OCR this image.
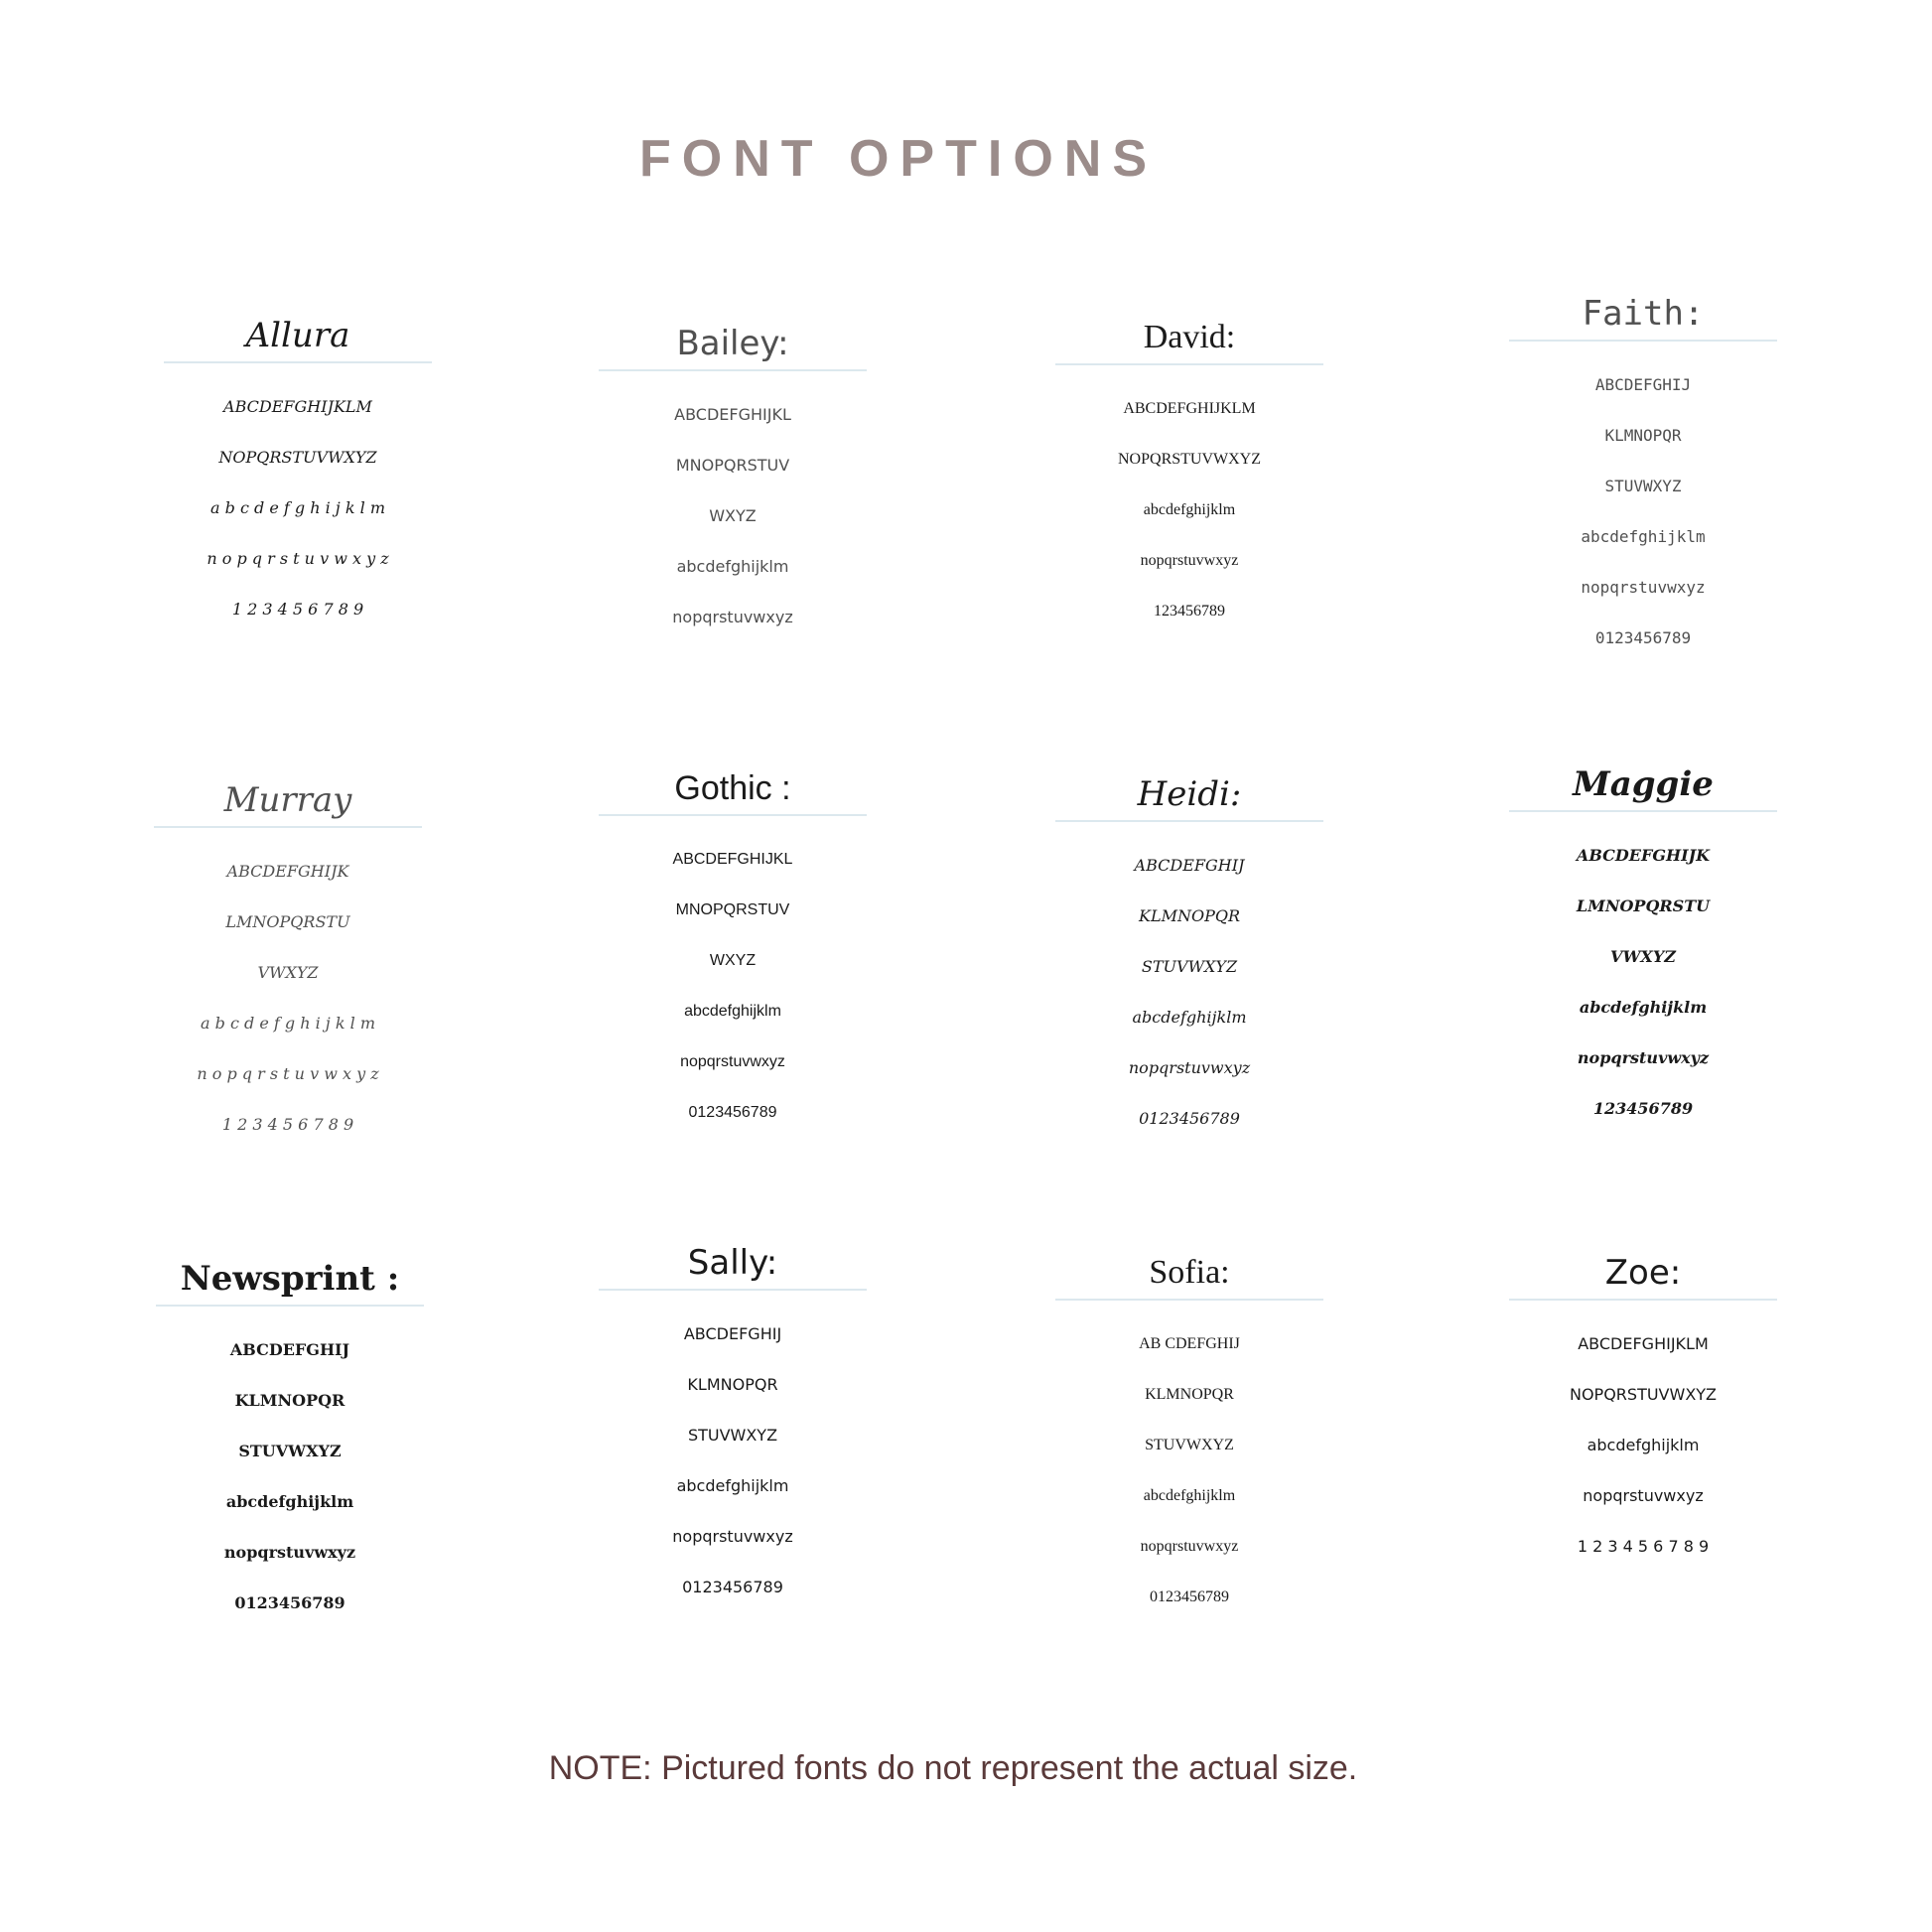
FONT OPTIONS
Allura
ABCDEFGHIJKLM
NOPQRSTUVWXYZ
a b c d e f g h i j k l m
n o p q r s t u v w x y z
1 2 3 4 5 6 7 8 9
Bailey:
ABCDEFGHIJKL
MNOPQRSTUV
WXYZ
abcdefghijklm
nopqrstuvwxyz
David:
ABCDEFGHIJKLM
NOPQRSTUVWXYZ
abcdefghijklm
nopqrstuvwxyz
123456789
Faith:
ABCDEFGHIJ
KLMNOPQR
STUVWXYZ
abcdefghijklm
nopqrstuvwxyz
0123456789
Murray
ABCDEFGHIJK
LMNOPQRSTU
VWXYZ
a b c d e f g h i j k l m
n o p q r s t u v w x y z
1 2 3 4 5 6 7 8 9
Gothic :
ABCDEFGHIJKL
MNOPQRSTUV
WXYZ
abcdefghijklm
nopqrstuvwxyz
0123456789
Heidi:
ABCDEFGHIJ
KLMNOPQR
STUVWXYZ
abcdefghijklm
nopqrstuvwxyz
0123456789
Maggie
ABCDEFGHIJK
LMNOPQRSTU
VWXYZ
abcdefghijklm
nopqrstuvwxyz
123456789
Newsprint :
ABCDEFGHIJ
KLMNOPQR
STUVWXYZ
abcdefghijklm
nopqrstuvwxyz
0123456789
Sally:
ABCDEFGHIJ
KLMNOPQR
STUVWXYZ
abcdefghijklm
nopqrstuvwxyz
0123456789
Sofia:
AB CDEFGHIJ
KLMNOPQR
STUVWXYZ
abcdefghijklm
nopqrstuvwxyz
0123456789
Zoe:
ABCDEFGHIJKLM
NOPQRSTUVWXYZ
abcdefghijklm
nopqrstuvwxyz
1 2 3 4 5 6 7 8 9
NOTE: Pictured fonts do not represent the actual size.
